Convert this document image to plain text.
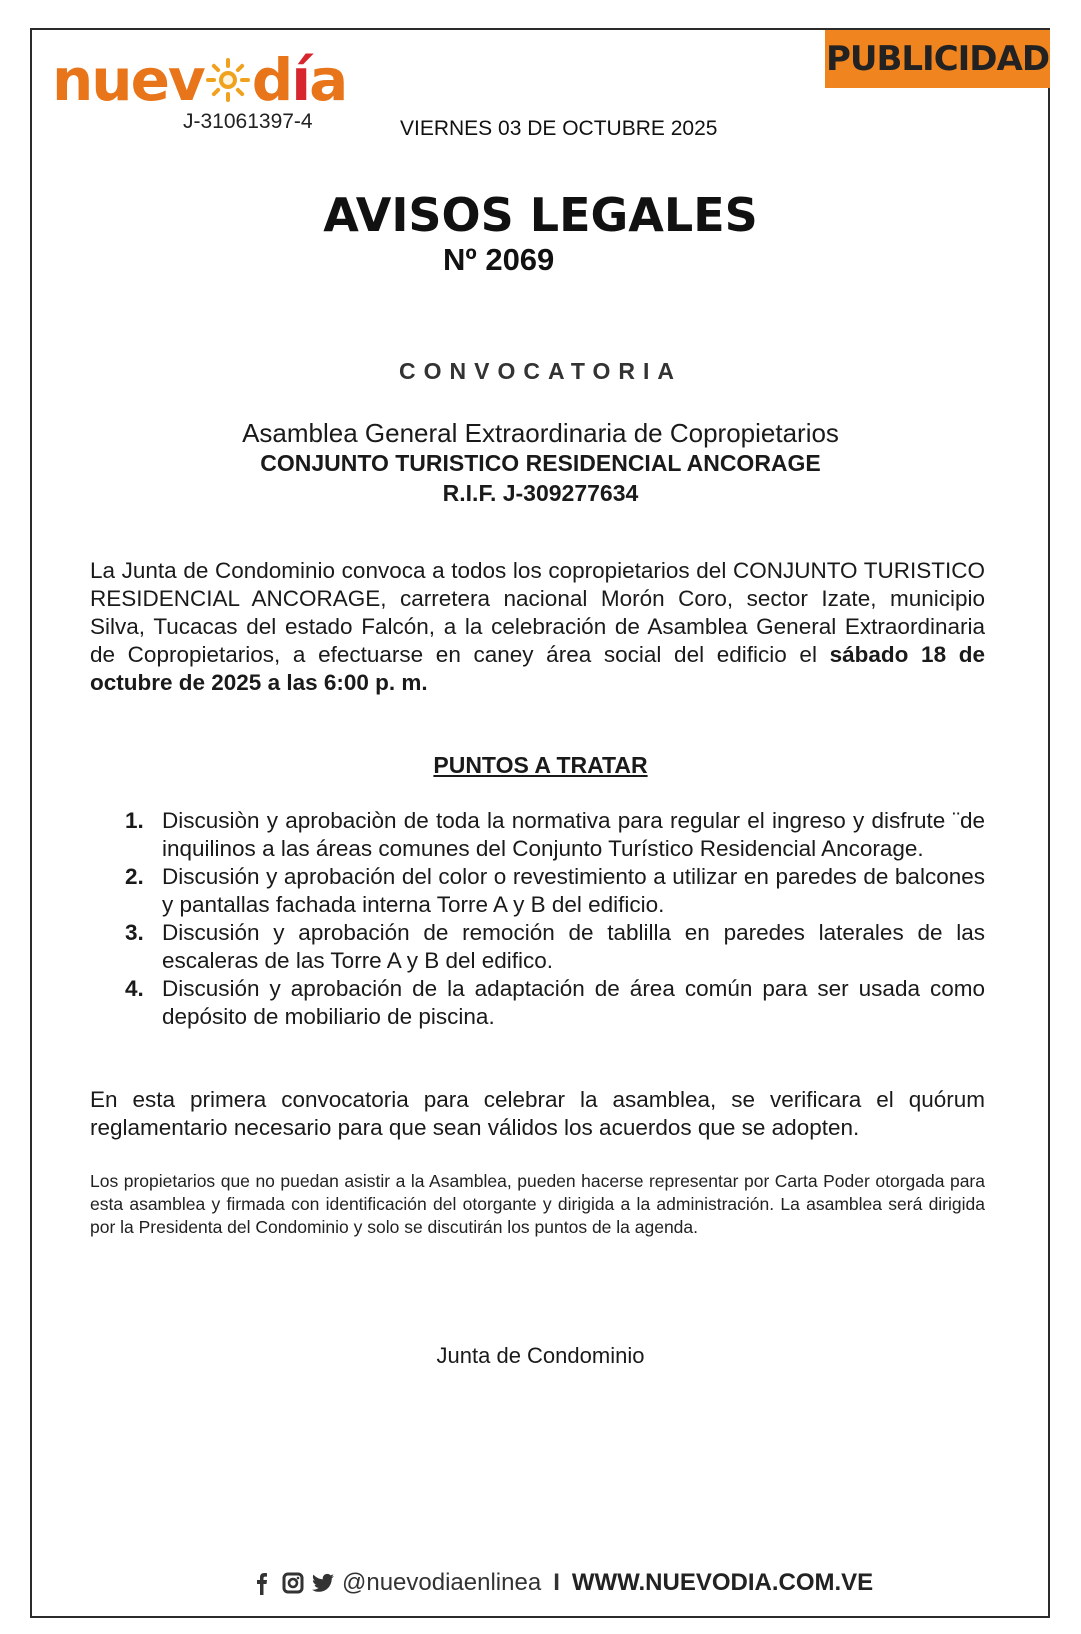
nuev d í a
J-31061397-4
PUBLICIDAD
VIERNES 03 DE OCTUBRE 2025
AVISOS LEGALES
Nº 2069
CONVOCATORIA
Asamblea General Extraordinaria de Copropietarios
CONJUNTO TURISTICO RESIDENCIAL ANCORAGE
R.I.F. J-309277634
La Junta de Condominio convoca a todos los copropietarios del CONJUNTO TURISTICO RESIDENCIAL ANCORAGE, carretera nacional Morón Coro, sector Izate, municipio Silva, Tucacas del estado Falcón, a la celebración de Asamblea General Extraordinaria de Copropietarios, a efectuarse en caney área social del edificio el sábado 18 de octubre de 2025 a las 6:00 p. m.
PUNTOS A TRATAR
1. Discusiòn y aprobaciòn de toda la normativa para regular el ingreso y disfrute ¨de inquilinos a las áreas comunes del Conjunto Turístico Residencial Ancorage.
2. Discusión y aprobación del color o revestimiento a utilizar en paredes de balcones y pantallas fachada interna Torre A y B del edificio.
3. Discusión y aprobación de remoción de tablilla en paredes laterales de las escaleras de las Torre A y B del edifico.
4. Discusión y aprobación de la adaptación de área común para ser usada como depósito de mobiliario de piscina.
En esta primera convocatoria para celebrar la asamblea, se verificara el quórum reglamentario necesario para que sean válidos los acuerdos que se adopten.
Los propietarios que no puedan asistir a la Asamblea, pueden hacerse representar por Carta Poder otorgada para esta asamblea y firmada con identificación del otorgante y dirigida a la administración. La asamblea será dirigida por la Presidenta del Condominio y solo se discutirán los puntos de la agenda.
Junta de Condominio
@nuevodiaenlinea I WWW.NUEVODIA.COM.VE
